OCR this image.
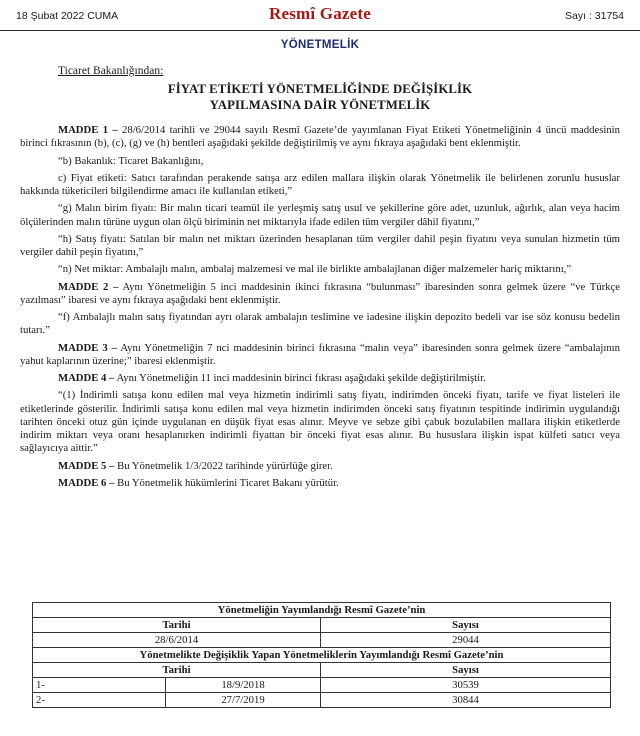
18 Şubat 2022 CUMA	Resmî Gazete	Sayı : 31754
YÖNETMELİK
Ticaret Bakanlığından:
FİYAT ETİKETİ YÖNETMELİĞİNDE DEĞİŞİKLİK
YAPILMASINA DAİR YÖNETMELİK

MADDE 1 – 28/6/2014 tarihli ve 29044 sayılı Resmî Gazete’de yayımlanan Fiyat Etiketi Yönetmeliğinin 4 üncü maddesinin birinci fıkrasının (b), (c), (g) ve (h) bentleri aşağıdaki şekilde değiştirilmiş ve aynı fıkraya aşağıdaki bent eklenmiştir.

“b) Bakanlık: Ticaret Bakanlığını,

c) Fiyat etiketi: Satıcı tarafından perakende satışa arz edilen mallara ilişkin olarak Yönetmelik ile belirlenen zorunlu hususlar hakkında tüketicileri bilgilendirme amacı ile kullanılan etiketi,”

“g) Malın birim fiyatı: Bir malın ticari teamül ile yerleşmiş satış usul ve şekillerine göre adet, uzunluk, ağırlık, alan veya hacim ölçülerinden malın türüne uygun olan ölçü biriminin net miktarıyla ifade edilen tüm vergiler dâhil fiyatını,”

“h) Satış fiyatı: Satılan bir malın net miktarı üzerinden hesaplanan tüm vergiler dahil peşin fiyatını veya sunulan hizmetin tüm vergiler dahil peşin fiyatını,”

“n) Net miktar: Ambalajlı malın, ambalaj malzemesi ve mal ile birlikte ambalajlanan diğer malzemeler hariç miktarını,”

MADDE 2 – Aynı Yönetmeliğin 5 inci maddesinin ikinci fıkrasına “bulunması” ibaresinden sonra gelmek üzere “ve Türkçe yazılması” ibaresi ve aynı fıkraya aşağıdaki bent eklenmiştir.

“f) Ambalajlı malın satış fiyatından ayrı olarak ambalajın teslimine ve iadesine ilişkin depozito bedeli var ise söz konusu bedelin tutarı.”

MADDE 3 – Aynı Yönetmeliğin 7 nci maddesinin birinci fıkrasına “malın veya” ibaresinden sonra gelmek üzere “ambalajının yahut kaplarının üzerine;” ibaresi eklenmiştir.

MADDE 4 – Aynı Yönetmeliğin 11 inci maddesinin birinci fıkrası aşağıdaki şekilde değiştirilmiştir.

“(1) İndirimli satışa konu edilen mal veya hizmetin indirimli satış fiyatı, indirimden önceki fiyatı, tarife ve fiyat listeleri ile etiketlerinde gösterilir. İndirimli satışa konu edilen mal veya hizmetin indirimden önceki satış fiyatının tespitinde indirimin uygulandığı tarihten önceki otuz gün içinde uygulanan en düşük fiyat esas alınır. Meyve ve sebze gibi çabuk bozulabilen mallara ilişkin etiketlerde indirim miktarı veya oranı hesaplanırken indirimli fiyattan bir önceki fiyat esas alınır. Bu hususlara ilişkin ispat külfeti satıcı veya sağlayıcıya aittir.”

MADDE 5 – Bu Yönetmelik 1/3/2022 tarihinde yürürlüğe girer.

MADDE 6 – Bu Yönetmelik hükümlerini Ticaret Bakanı yürütür.

Yönetmeliğin Yayımlandığı Resmî Gazete’nin		
Tarihi		Sayısı
28/6/2014		29044
Yönetmelikte Değişiklik Yapan Yönetmeliklerin Yayımlandığı Resmî Gazete’nin		
Tarihi		Sayısı
1-	18/9/2018	30539
2-	27/7/2019	30844
